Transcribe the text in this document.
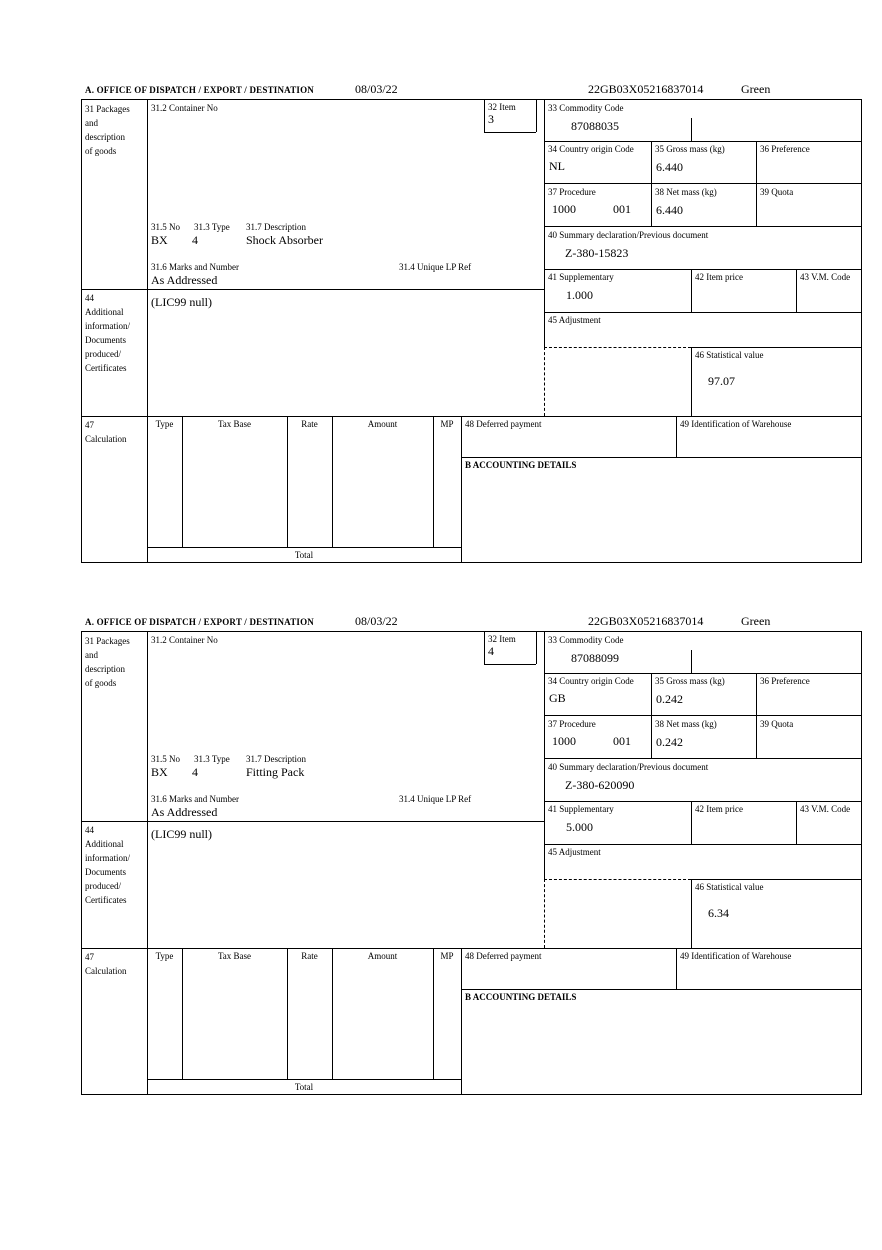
A. OFFICE OF DISPATCH / EXPORT / DESTINATION	08/03/22	22GB03X05216837014	Green
31 Packages
and
description
of goods
31.2 Container No	32 Item
3
31.5 No 31.3 Type 31.7 Description
BX 4	Shock Absorber
31.6 Marks and Number	31.4 Unique LP Ref
As Addressed
44
Additional
information/
Documents
produced/
Certificates
(LIC99 null)
33 Commodity Code
87088035
34 Country origin Code
NL
35 Gross mass (kg)
6.440
36 Preference
37 Procedure
1000	001
38 Net mass (kg)
6.440
39 Quota
40 Summary declaration/Previous document
Z-380-15823
41 Supplementary
1.000
42 Item price	43 V.M. Code
45 Adjustment
46 Statistical value
97.07
47
Calculation
Type	Tax Base	Rate	Amount	MP
Total
48 Deferred payment	49 Identification of Warehouse
B ACCOUNTING DETAILS
A. OFFICE OF DISPATCH / EXPORT / DESTINATION	08/03/22	22GB03X05216837014	Green
31 Packages
and
description
of goods
31.2 Container No	32 Item
4
31.5 No 31.3 Type 31.7 Description
BX 4	Fitting Pack
31.6 Marks and Number	31.4 Unique LP Ref
As Addressed
44
Additional
information/
Documents
produced/
Certificates
(LIC99 null)
33 Commodity Code
87088099
34 Country origin Code
GB
35 Gross mass (kg)
0.242
36 Preference
37 Procedure
1000	001
38 Net mass (kg)
0.242
39 Quota
40 Summary declaration/Previous document
Z-380-620090
41 Supplementary
5.000
42 Item price	43 V.M. Code
45 Adjustment
46 Statistical value
6.34
47
Calculation
Type	Tax Base	Rate	Amount	MP
Total
48 Deferred payment	49 Identification of Warehouse
B ACCOUNTING DETAILS
